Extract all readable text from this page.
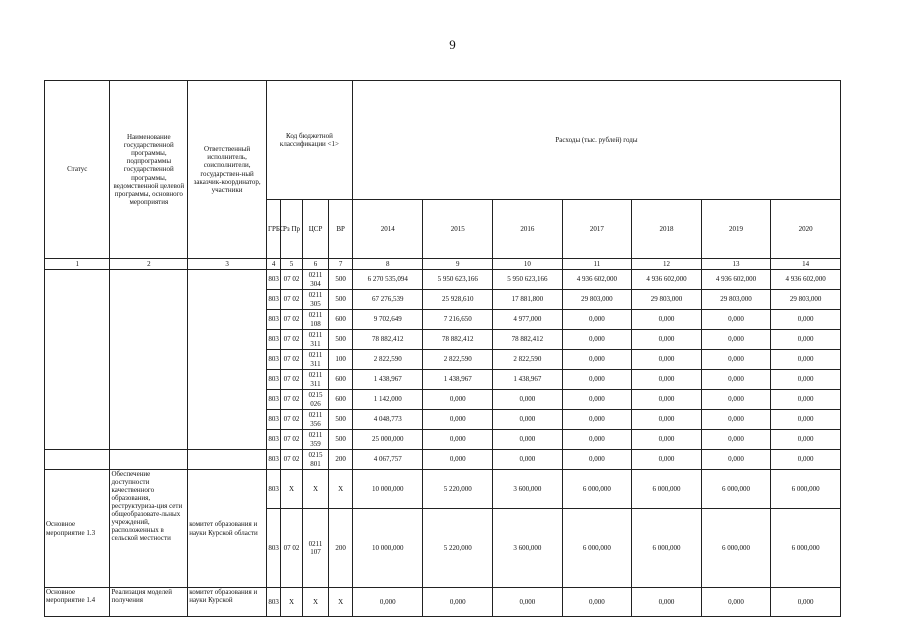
9
Статус	Наименование государственной программы, подпрограммы государственной программы, ведомственной целевой программы, основного мероприятия	Ответственный исполнитель, соисполнители, государствен-ный заказчик-координатор, участники	Код бюджетной классификации <1>				Расходы (тыс. рублей) годы						
			ГРБС	Рз Пр	ЦСР	ВР	2014	2015	2016	2017	2018	2019	2020
1	2	3	4	5	6	7	8	9	10	11	12	13	14
			803	07 02	0211 304	500	6 270 535,094	5 950 623,166	5 950 623,166	4 936 602,000	4 936 602,000	4 936 602,000	4 936 602,000
			803	07 02	0211 305	500	67 276,539	25 928,610	17 881,800	29 803,000	29 803,000	29 803,000	29 803,000
			803	07 02	0211 108	600	9 702,649	7 216,650	4 977,000	0,000	0,000	0,000	0,000
			803	07 02	0211 311	500	78 882,412	78 882,412	78 882,412	0,000	0,000	0,000	0,000
			803	07 02	0211 311	100	2 822,590	2 822,590	2 822,590	0,000	0,000	0,000	0,000
			803	07 02	0211 311	600	1 438,967	1 438,967	1 438,967	0,000	0,000	0,000	0,000
			803	07 02	0215 026	600	1 142,000	0,000	0,000	0,000	0,000	0,000	0,000
			803	07 02	0211 356	500	4 048,773	0,000	0,000	0,000	0,000	0,000	0,000
			803	07 02	0211 359	500	25 000,000	0,000	0,000	0,000	0,000	0,000	0,000
			803	07 02	0215 801	200	4 067,757	0,000	0,000	0,000	0,000	0,000	0,000
Основное мероприятие 1.3	Обеспечение доступности качественного образования, реструктуриза-ция сети общеобразовате-льных учреждений, расположенных в сельской местности	комитет образования и науки Курской области	803	X	X	X	10 000,000	5 220,000	3 600,000	6 000,000	6 000,000	6 000,000	6 000,000
			803	07 02	0211 107	200	10 000,000	5 220,000	3 600,000	6 000,000	6 000,000	6 000,000	6 000,000
Основное мероприятие 1.4	Реализация моделей получения	комитет образования и науки Курской	803	X	X	X	0,000	0,000	0,000	0,000	0,000	0,000	0,000
